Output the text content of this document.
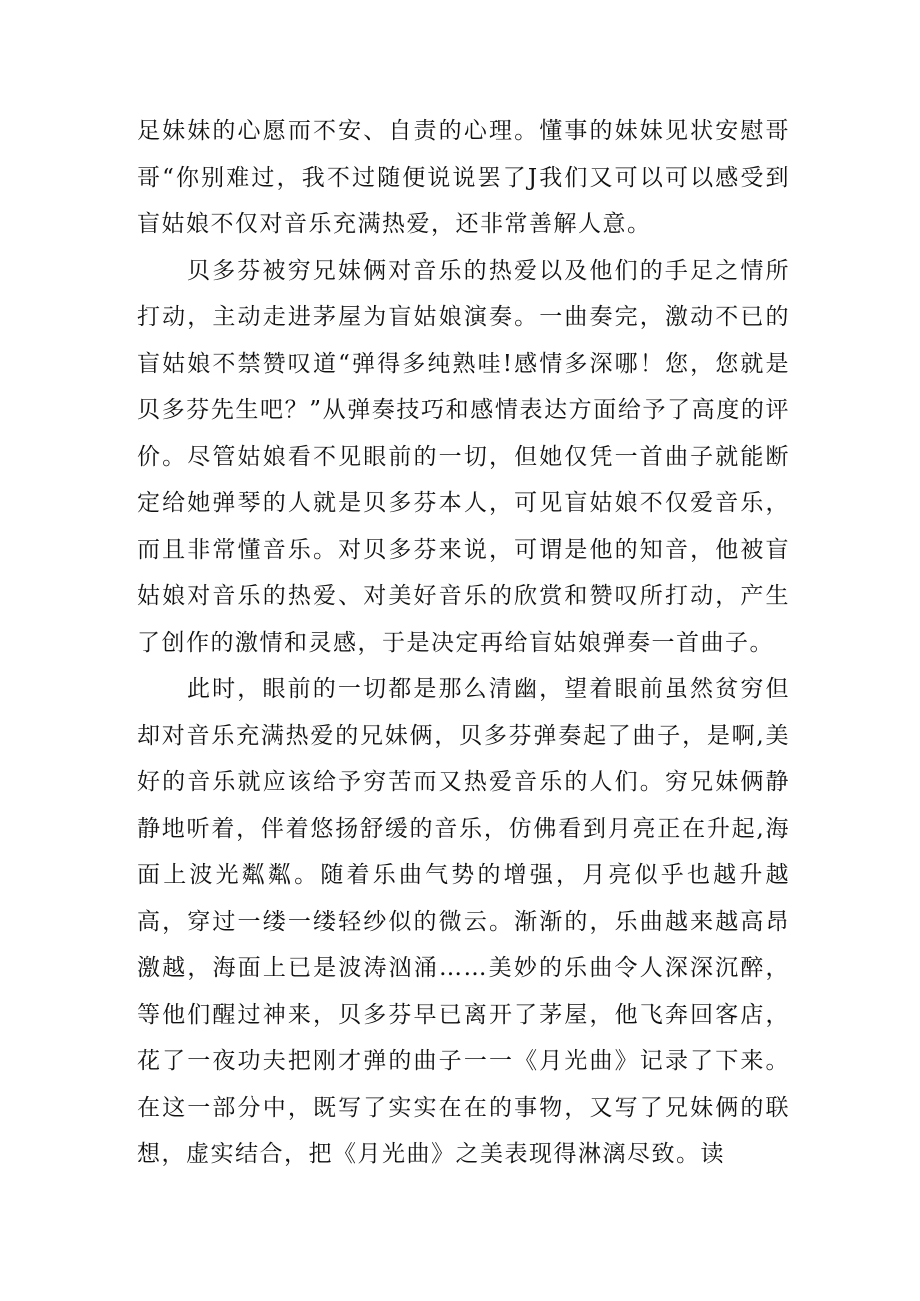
足妹妹的心愿而不安、自责的心理。懂事的妹妹见状安慰哥哥“你别难过，我不过随便说说罢了J我们又可以可以感受到盲姑娘不仅对音乐充满热爱，还非常善解人意。

贝多芬被穷兄妹俩对音乐的热爱以及他们的手足之情所打动，主动走进茅屋为盲姑娘演奏。一曲奏完，激动不已的盲姑娘不禁赞叹道“弹得多纯熟哇!感情多深哪！您，您就是贝多芬先生吧？”从弹奏技巧和感情表达方面给予了高度的评价。尽管姑娘看不见眼前的一切，但她仅凭一首曲子就能断定给她弹琴的人就是贝多芬本人，可见盲姑娘不仅爱音乐，而且非常懂音乐。对贝多芬来说，可谓是他的知音，他被盲姑娘对音乐的热爱、对美好音乐的欣赏和赞叹所打动，产生了创作的激情和灵感，于是决定再给盲姑娘弹奏一首曲子。

此时，眼前的一切都是那么清幽，望着眼前虽然贫穷但却对音乐充满热爱的兄妹俩，贝多芬弹奏起了曲子，是啊,美好的音乐就应该给予穷苦而又热爱音乐的人们。穷兄妹俩静静地听着，伴着悠扬舒缓的音乐，仿佛看到月亮正在升起,海面上波光粼粼。随着乐曲气势的增强，月亮似乎也越升越高，穿过一缕一缕轻纱似的微云。渐渐的，乐曲越来越高昂激越，海面上已是波涛汹涌……美妙的乐曲令人深深沉醉，等他们醒过神来，贝多芬早已离开了茅屋，他飞奔回客店，花了一夜功夫把刚才弹的曲子一一《月光曲》记录了下来。在这一部分中，既写了实实在在的事物，又写了兄妹俩的联想，虚实结合，把《月光曲》之美表现得淋漓尽致。读
